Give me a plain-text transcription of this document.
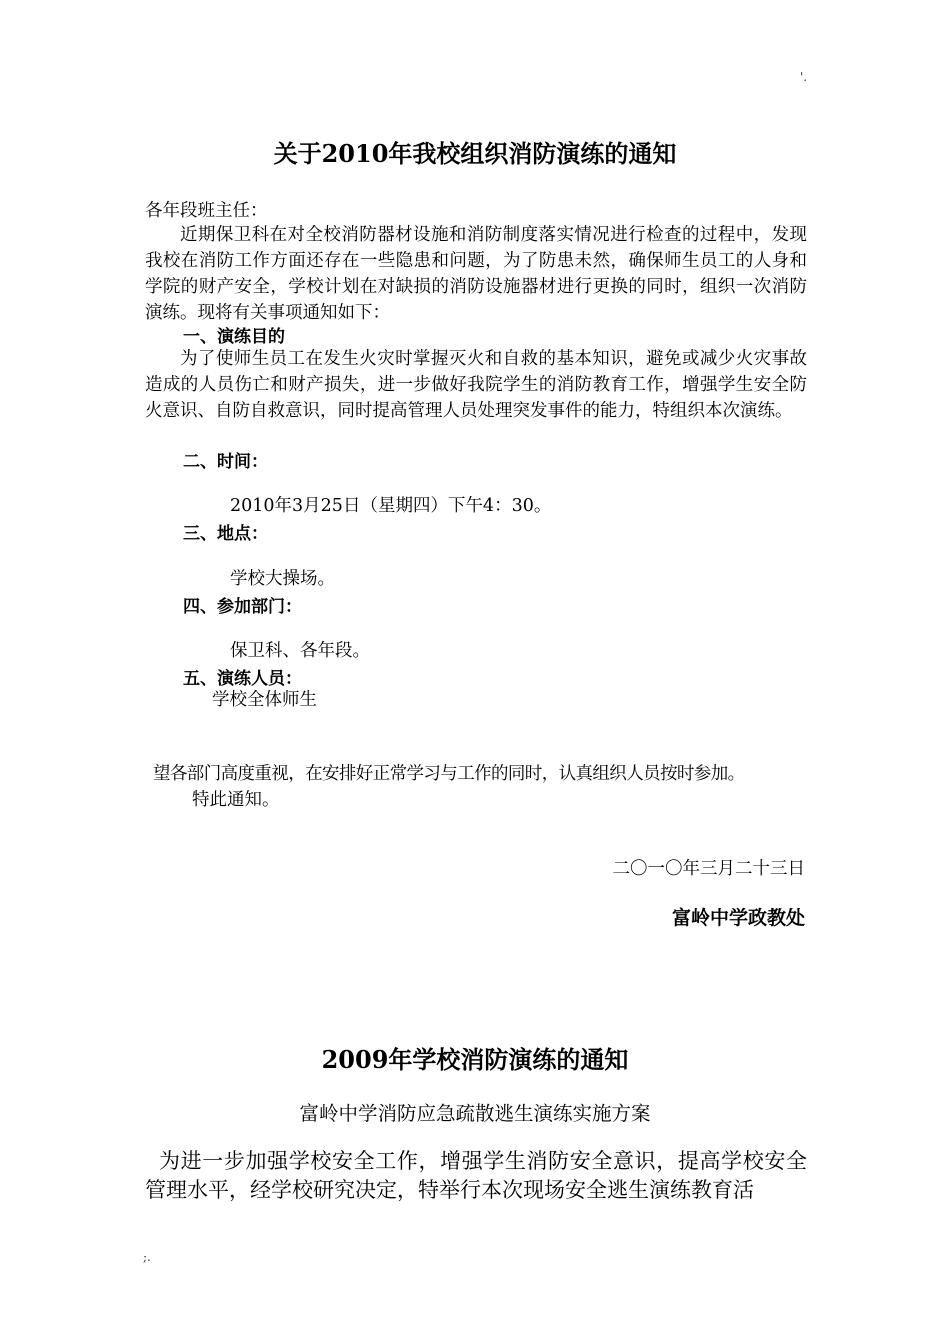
'.
关于2010年我校组织消防演练的通知
各年段班主任：
近期保卫科在对全校消防器材设施和消防制度落实情况进行检查的过程中，发现我校在消防工作方面还存在一些隐患和问题，为了防患未然，确保师生员工的人身和学院的财产安全，学校计划在对缺损的消防设施器材进行更换的同时，组织一次消防演练。现将有关事项通知如下：
一、演练目的
为了使师生员工在发生火灾时掌握灭火和自救的基本知识，避免或减少火灾事故造成的人员伤亡和财产损失，进一步做好我院学生的消防教育工作，增强学生安全防火意识、自防自救意识，同时提高管理人员处理突发事件的能力，特组织本次演练。
二、时间：
2010年3月25日（星期四）下午4：30。
三、地点：
学校大操场。
四、参加部门：
保卫科、各年段。
五、演练人员：
学校全体师生
望各部门高度重视，在安排好正常学习与工作的同时，认真组织人员按时参加。
特此通知。
二〇一〇年三月二十三日
富岭中学政教处
2009年学校消防演练的通知
富岭中学消防应急疏散逃生演练实施方案
为进一步加强学校安全工作，增强学生消防安全意识，提高学校安全管理水平，经学校研究决定，特举行本次现场安全逃生演练教育活
;.
